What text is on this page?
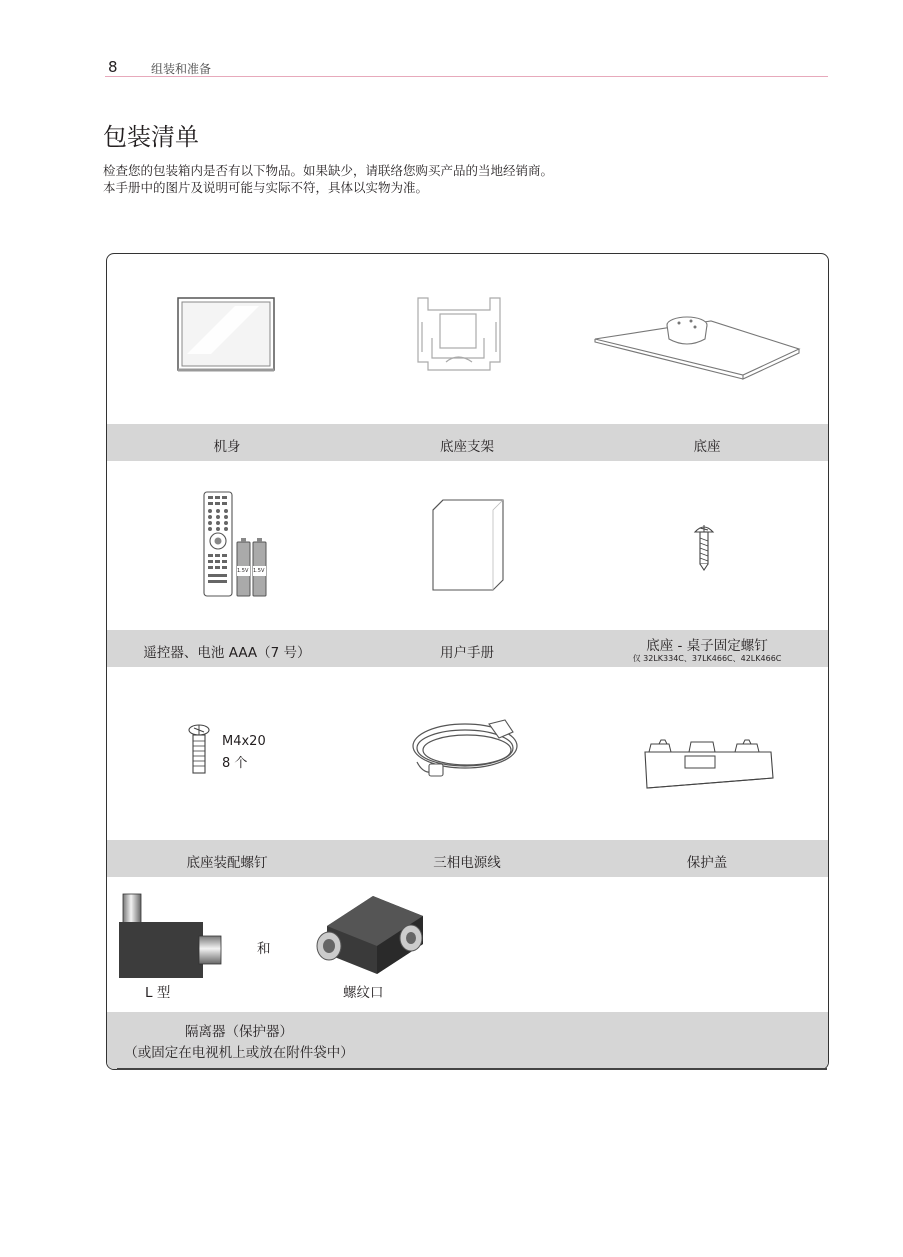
8	组装和准备
包装清单
检查您的包装箱内是否有以下物品。如果缺少，请联络您购买产品的当地经销商。
本手册中的图片及说明可能与实际不符，具体以实物为准。
机身	底座支架	底座
1.5V 1.5V
遥控器、电池 AAA（7 号）	用户手册	底座 - 桌子固定螺钉
仅 32LK334C、37LK466C、42LK466C
M4x20
8 个
底座装配螺钉	三相电源线	保护盖
和
L 型	螺纹口
隔离器（保护器）
（或固定在电视机上或放在附件袋中）
